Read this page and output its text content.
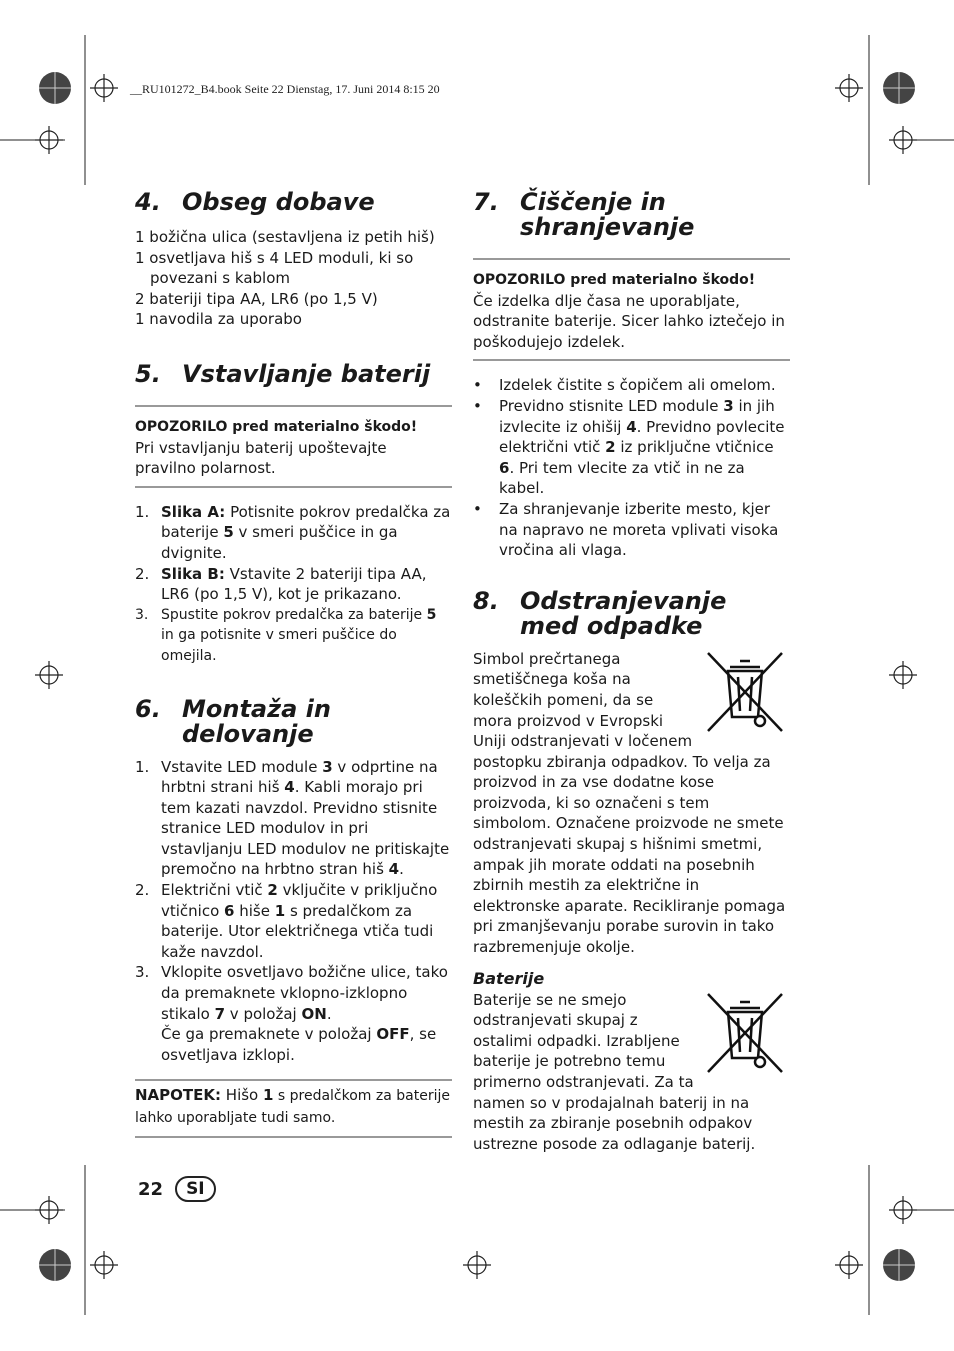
__RU101272_B4.book Seite 22 Dienstag, 17. Juni 2014 8:15 20
4. Obseg dobave

1 božična ulica (sestavljena iz petih hiš)

1 osvetljava hiš s 4 LED moduli, ki so povezani s kablom

2 bateriji tipa AA, LR6 (po 1,5 V)

1 navodila za uporabo

5. Vstavljanje baterij
OPOZORILO pred materialno škodo!

Pri vstavljanju baterij upoštevajte pravilno polarnost.

1. Slika A: Potisnite pokrov predalčka za baterije 5 v smeri puščice in ga dvignite.
2. Slika B: Vstavite 2 bateriji tipa AA, LR6 (po 1,5 V), kot je prikazano.
3. Spustite pokrov predalčka za baterije 5 in ga potisnite v smeri puščice do omejila.
6. Montaža in delovanje
1. Vstavite LED module 3 v odprtine na hrbtni strani hiš 4. Kabli morajo pri tem kazati navzdol. Previdno stisnite stranice LED modulov in pri vstavljanju LED modulov ne pritiskajte premočno na hrbtno stran hiš 4.
2. Električni vtič 2 vključite v priključno vtičnico 6 hiše 1 s predalčkom za baterije. Utor električnega vtiča tudi kaže navzdol.
3. Vklopite osvetljavo božične ulice, tako da premaknete vklopno-izklopno stikalo 7 v položaj ON.
Če ga premaknete v položaj OFF, se osvetljava izklopi.

NAPOTEK: Hišo 1 s predalčkom za baterije lahko uporabljate tudi samo.

7. Čiščenje in shranjevanje
OPOZORILO pred materialno škodo!

Če izdelka dlje časa ne uporabljate, odstranite baterije. Sicer lahko iztečejo in poškodujejo izdelek.

•	Izdelek čistite s čopičem ali omelom.
•	Previdno stisnite LED module 3 in jih izvlecite iz ohišij 4. Previdno povlecite električni vtič 2 iz priključne vtičnice 6. Pri tem vlecite za vtič in ne za kabel.
•	Za shranjevanje izberite mesto, kjer na napravo ne moreta vplivati visoka vročina ali vlaga.
8. Odstranjevanje med odpadke

Simbol prečrtanega smetiščnega koša na koleščkih pomeni, da se mora proizvod v Evropski Uniji odstranjevati v ločenem postopku zbiranja odpadkov. To velja za proizvod in za vse dodatne kose proizvoda, ki so označeni s tem simbolom. Označene proizvode ne smete odstranjevati skupaj s hišnimi smetmi, ampak jih morate oddati na posebnih zbirnih mestih za električne in elektronske aparate. Recikliranje pomaga pri zmanjševanju porabe surovin in tako razbremenjuje okolje.

Baterije

Baterije se ne smejo odstranjevati skupaj z ostalimi odpadki. Izrabljene baterije je potrebno temu primerno odstranjevati. Za ta namen so v prodajalnah baterij in na mestih za zbiranje posebnih odpakov ustrezne posode za odlaganje baterij.

22	SI
